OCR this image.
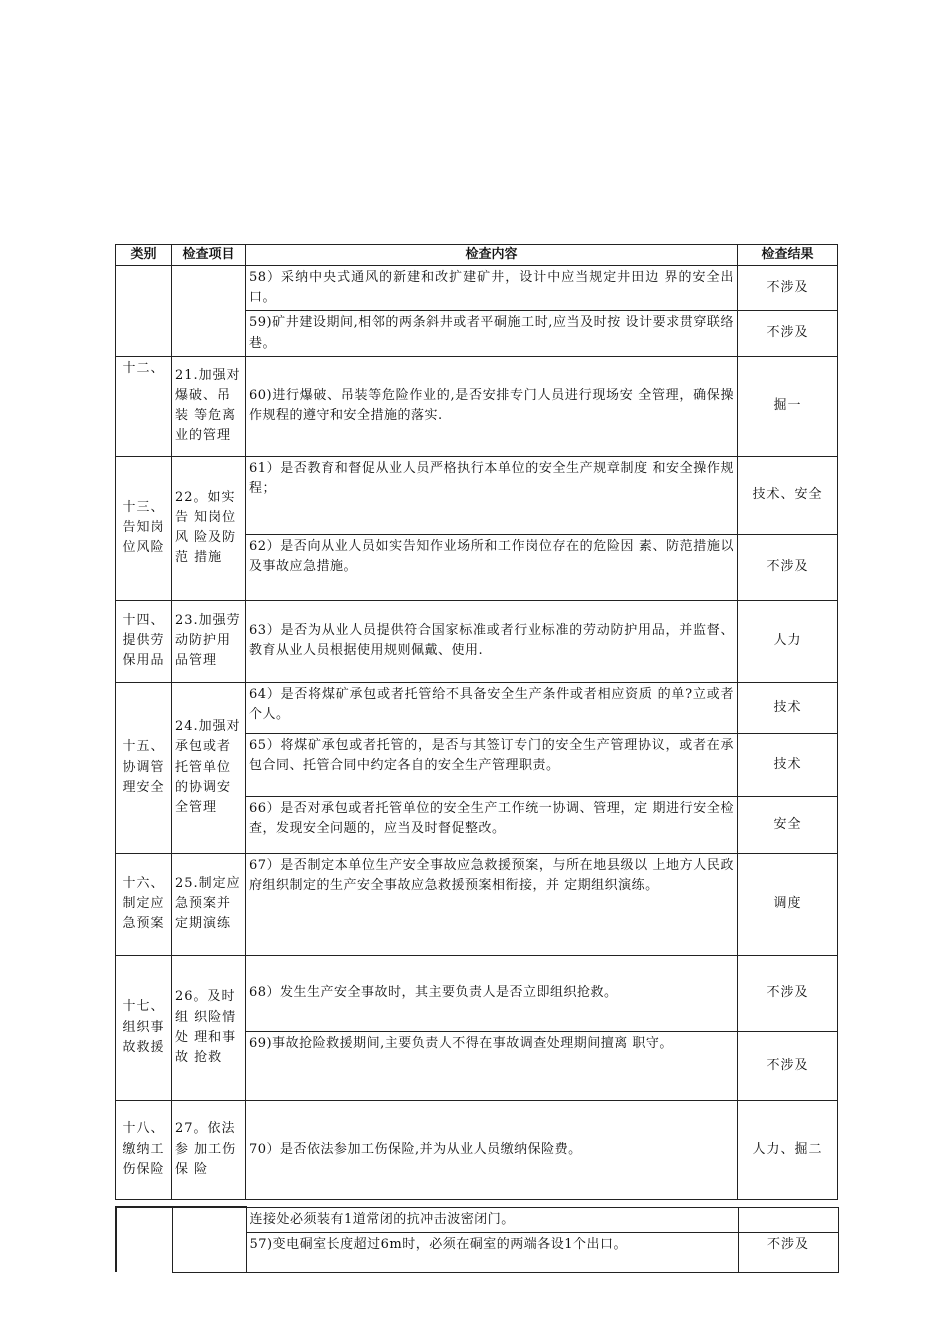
类别	检查项目	检查内容	检查结果
		58）采纳中央式通风的新建和改扩建矿井，设计中应当规定井田边 界的安全出口。	不涉及
		59)矿井建设期间,相邻的两条斜井或者平硐施工时,应当及时按 设计要求贯穿联络巷。	不涉及
十二、	21.加强对 爆破、吊装 等危离 业的管理	60)进行爆破、吊装等危险作业的,是否安排专门人员进行现场安 全管理，确保操作规程的遵守和安全措施的落实.	掘一
十三、告知岗位风险	22。如实告 知岗位风 险及防范 措施	61）是否教育和督促从业人员严格执行本单位的安全生产规章制度 和安全操作规程；	技术、安全
		62）是否向从业人员如实告知作业场所和工作岗位存在的危险因 素、防范措施以及事故应急措施。	不涉及
十四、提供劳保用品	23.加强劳 动防护用 品管理	63）是否为从业人员提供符合国家标准或者行业标准的劳动防护用品，并监督、教育从业人员根据使用规则佩戴、使用.	人力
十五、协调管理安全	24.加强对 承包或者 托管单位 的协调安 全管理	64）是否将煤矿承包或者托管给不具备安全生产条件或者相应资质 的单?立或者个人。	技术
		65）将煤矿承包或者托管的，是否与其签订专门的安全生产管理协议，或者在承包合同、托管合同中约定各自的安全生产管理职责。	技术
		66）是否对承包或者托管单位的安全生产工作统一协调、管理，定 期进行安全检查，发现安全问题的，应当及时督促整改。	安全
十六、制定应急预案	25.制定应 急预案并 定期演练	67）是否制定本单位生产安全事故应急救援预案，与所在地县级以 上地方人民政府组织制定的生产安全事故应急救援预案相衔接，并 定期组织演练。	调度
十七、组织事故救援	26。及时组 织险情处 理和事故 抢救	68）发生生产安全事故时，其主要负责人是否立即组织抢救。	不涉及
		69)事故抢险救援期间,主要负责人不得在事故调查处理期间擅离 职守。	不涉及
十八、缴纳工伤保险	27。依法参 加工伤保 险	70）是否依法参加工伤保险,并为从业人员缴纳保险费。	人力、掘二
		连接处必须装有1道常闭的抗冲击波密闭门。	
		57)变电硐室长度超过6m时，必须在硐室的两端各设1个出口。	不涉及
